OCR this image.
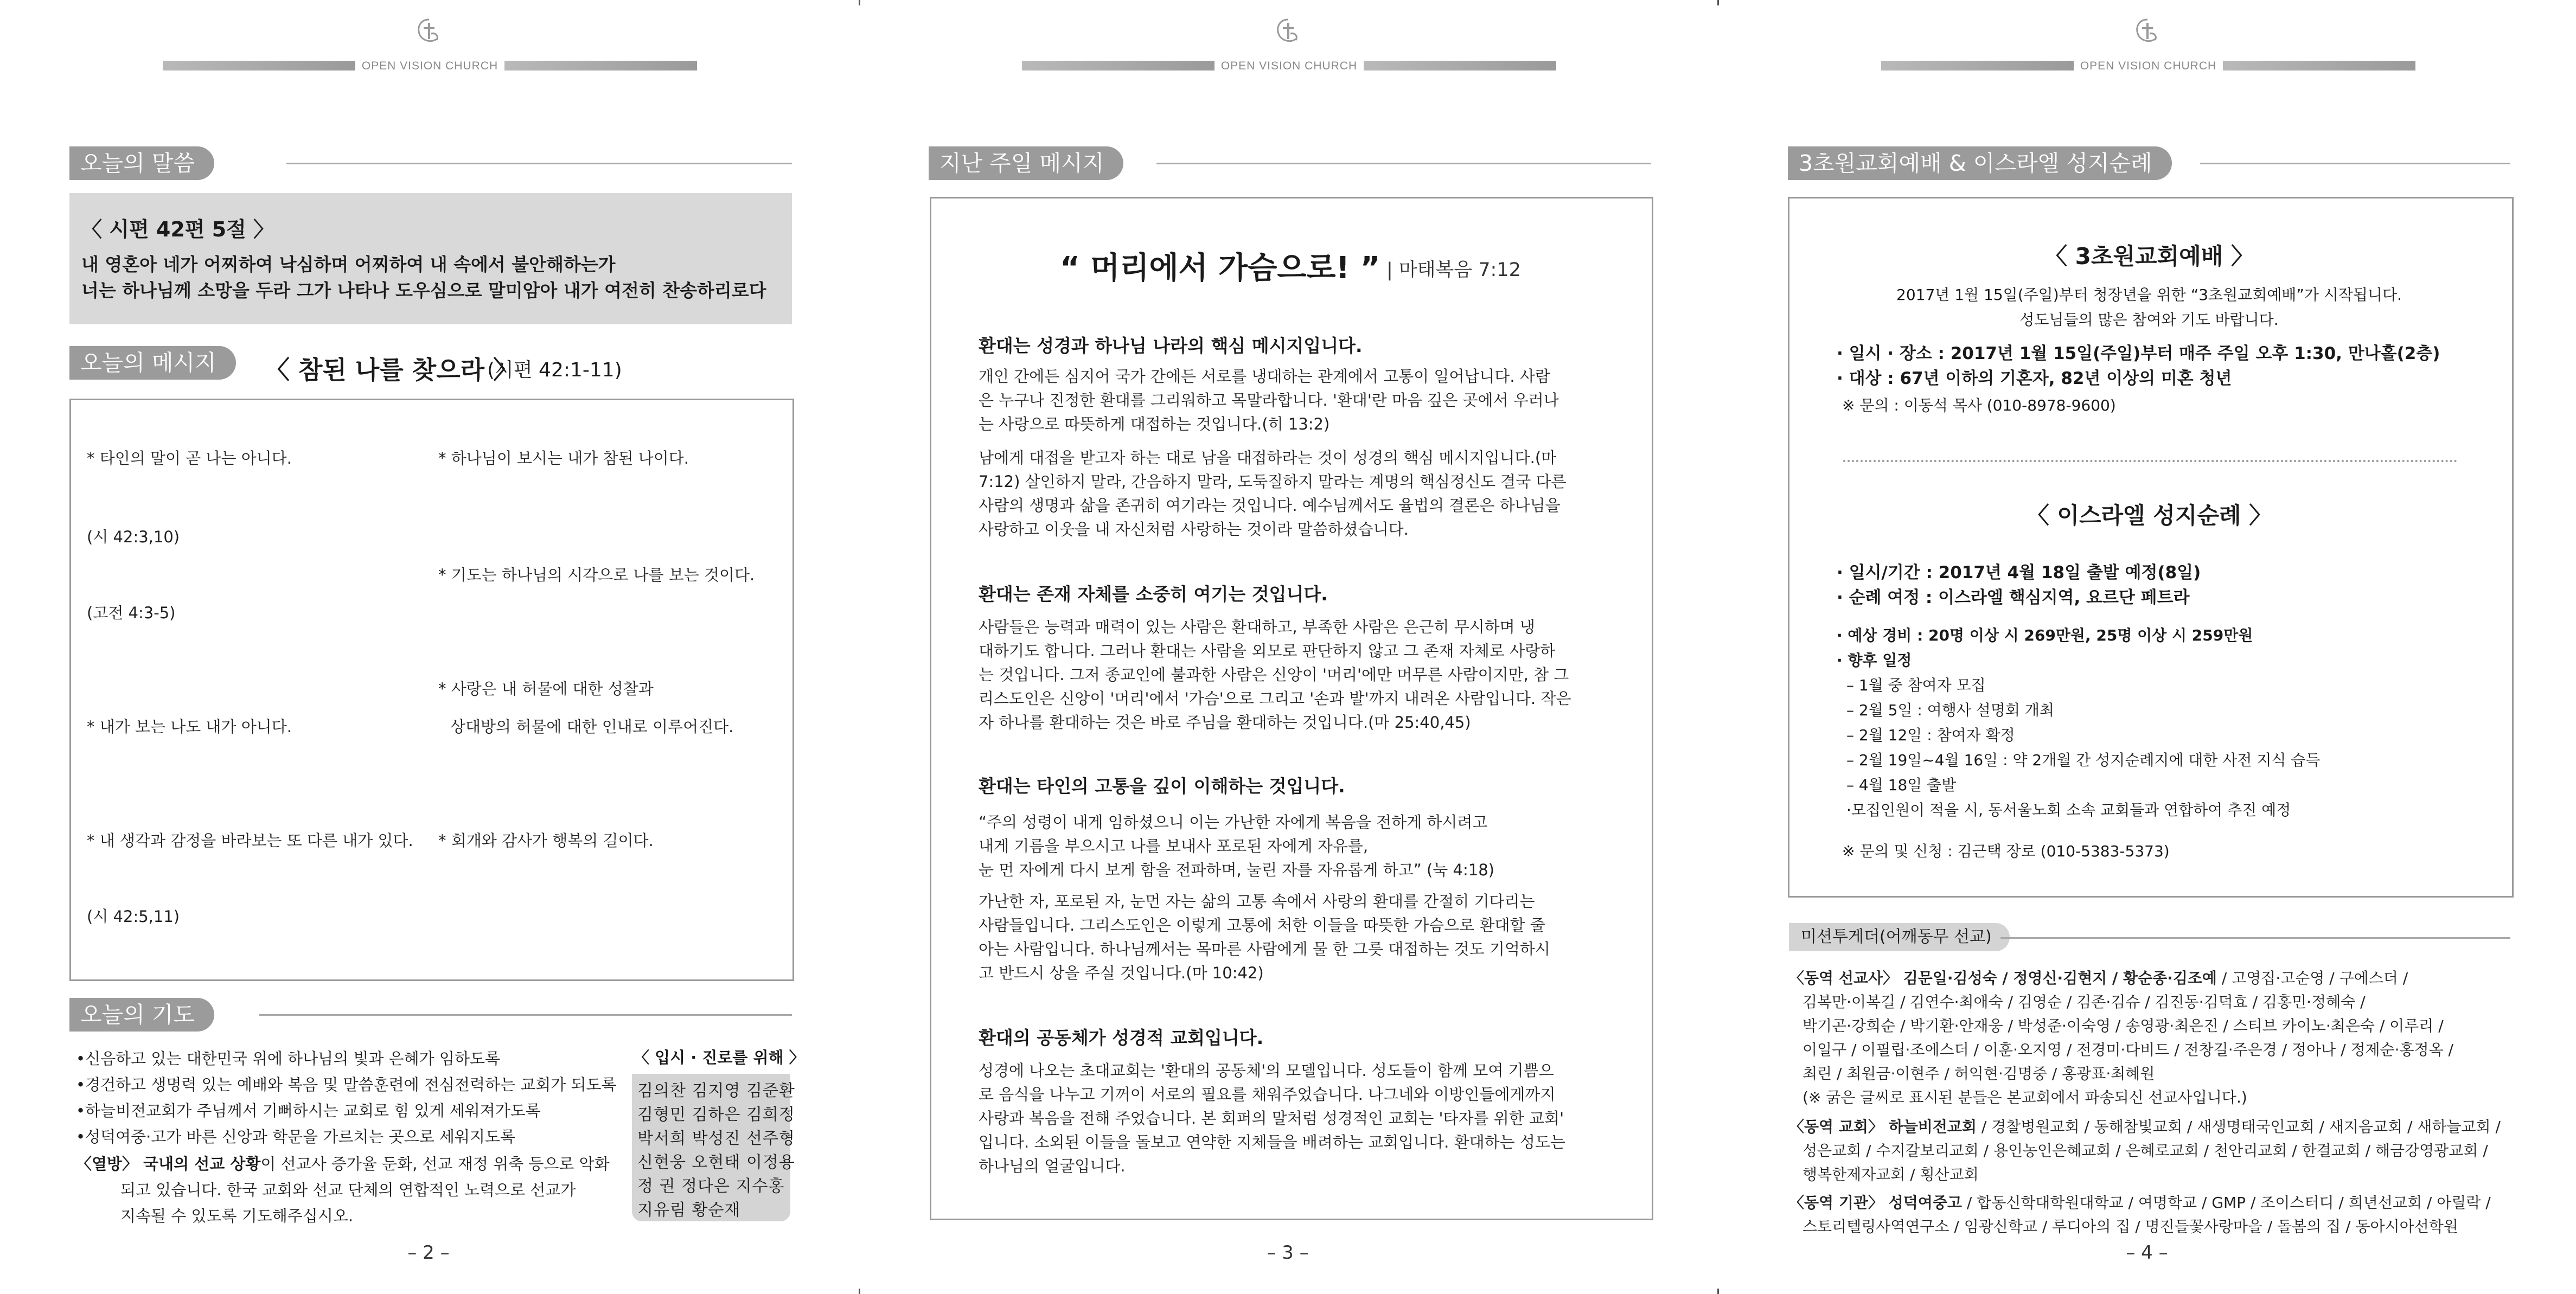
OPEN VISION CHURCH
오늘의 말씀
〈 시편 42편 5절 〉
내 영혼아 네가 어찌하여 낙심하며 어찌하여 내 속에서 불안해하는가
너는 하나님께 소망을 두라 그가 나타나 도우심으로 말미암아 내가 여전히 찬송하리로다
오늘의 메시지	〈 참된 나를 찾으라 〉
(시편 42:1-11)
* 타인의 말이 곧 나는 아니다.
(시 42:3,10)
(고전 4:3-5)
* 내가 보는 나도 내가 아니다.
* 내 생각과 감정을 바라보는 또 다른 내가 있다.
(시 42:5,11)
* 하나님이 보시는 내가 참된 나이다.
* 기도는 하나님의 시각으로 나를 보는 것이다.
* 사랑은 내 허물에 대한 성찰과
상대방의 허물에 대한 인내로 이루어진다.
* 회개와 감사가 행복의 길이다.
오늘의 기도
•신음하고 있는 대한민국 위에 하나님의 빛과 은혜가 임하도록
•경건하고 생명력 있는 예배와 복음 및 말씀훈련에 전심전력하는 교회가 되도록
•하늘비전교회가 주님께서 기뻐하시는 교회로 힘 있게 세워져가도록
•성덕여중·고가 바른 신앙과 학문을 가르치는 곳으로 세워지도록
〈열방〉 국내의 선교 상황이 선교사 증가율 둔화, 선교 재정 위축 등으로 악화
되고 있습니다. 한국 교회와 선교 단체의 연합적인 노력으로 선교가
지속될 수 있도록 기도해주십시오.
〈 입시 · 진로를 위해 〉
김의찬 김지영 김준환
김형민 김하은 김희정
박서희 박성진 선주형
신현웅 오현태 이정용
정 권 정다은 지수홍
지유림 황순재
– 2 –
OPEN VISION CHURCH
지난 주일 메시지
“ 머리에서 가슴으로! ” | 마태복음 7:12
환대는 성경과 하나님 나라의 핵심 메시지입니다.
개인 간에든 심지어 국가 간에든 서로를 냉대하는 관계에서 고통이 일어납니다. 사람
은 누구나 진정한 환대를 그리워하고 목말라합니다. '환대'란 마음 깊은 곳에서 우러나
는 사랑으로 따뜻하게 대접하는 것입니다.(히 13:2)
남에게 대접을 받고자 하는 대로 남을 대접하라는 것이 성경의 핵심 메시지입니다.(마
7:12) 살인하지 말라, 간음하지 말라, 도둑질하지 말라는 계명의 핵심정신도 결국 다른
사람의 생명과 삶을 존귀히 여기라는 것입니다. 예수님께서도 율법의 결론은 하나님을
사랑하고 이웃을 내 자신처럼 사랑하는 것이라 말씀하셨습니다.
환대는 존재 자체를 소중히 여기는 것입니다.
사람들은 능력과 매력이 있는 사람은 환대하고, 부족한 사람은 은근히 무시하며 냉
대하기도 합니다. 그러나 환대는 사람을 외모로 판단하지 않고 그 존재 자체로 사랑하
는 것입니다. 그저 종교인에 불과한 사람은 신앙이 '머리'에만 머무른 사람이지만, 참 그
리스도인은 신앙이 '머리'에서 '가슴'으로 그리고 '손과 발'까지 내려온 사람입니다. 작은
자 하나를 환대하는 것은 바로 주님을 환대하는 것입니다.(마 25:40,45)
환대는 타인의 고통을 깊이 이해하는 것입니다.
“주의 성령이 내게 임하셨으니 이는 가난한 자에게 복음을 전하게 하시려고
내게 기름을 부으시고 나를 보내사 포로된 자에게 자유를,
눈 먼 자에게 다시 보게 함을 전파하며, 눌린 자를 자유롭게 하고” (눅 4:18)
가난한 자, 포로된 자, 눈먼 자는 삶의 고통 속에서 사랑의 환대를 간절히 기다리는
사람들입니다. 그리스도인은 이렇게 고통에 처한 이들을 따뜻한 가슴으로 환대할 줄
아는 사람입니다. 하나님께서는 목마른 사람에게 물 한 그릇 대접하는 것도 기억하시
고 반드시 상을 주실 것입니다.(마 10:42)
환대의 공동체가 성경적 교회입니다.
성경에 나오는 초대교회는 '환대의 공동체'의 모델입니다. 성도들이 함께 모여 기쁨으
로 음식을 나누고 기꺼이 서로의 필요를 채워주었습니다. 나그네와 이방인들에게까지
사랑과 복음을 전해 주었습니다. 본 회퍼의 말처럼 성경적인 교회는 '타자를 위한 교회'
입니다. 소외된 이들을 돌보고 연약한 지체들을 배려하는 교회입니다. 환대하는 성도는
하나님의 얼굴입니다.
– 3 –
OPEN VISION CHURCH
3초원교회예배 & 이스라엘 성지순례
〈 3초원교회예배 〉
2017년 1월 15일(주일)부터 청장년을 위한 “3초원교회예배”가 시작됩니다.
성도님들의 많은 참여와 기도 바랍니다.
· 일시 · 장소 : 2017년 1월 15일(주일)부터 매주 주일 오후 1:30, 만나홀(2층)
· 대상 : 67년 이하의 기혼자, 82년 이상의 미혼 청년
※ 문의 : 이동석 목사 (010-8978-9600)
〈 이스라엘 성지순례 〉
· 일시/기간 : 2017년 4월 18일 출발 예정(8일)
· 순례 여정 : 이스라엘 핵심지역, 요르단 페트라
· 예상 경비 : 20명 이상 시 269만원, 25명 이상 시 259만원
· 향후 일정
– 1월 중 참여자 모집
– 2월 5일 : 여행사 설명회 개최
– 2월 12일 : 참여자 확정
– 2월 19일~4월 16일 : 약 2개월 간 성지순례지에 대한 사전 지식 습득
– 4월 18일 출발
·모집인원이 적을 시, 동서울노회 소속 교회들과 연합하여 추진 예정
※ 문의 및 신청 : 김근택 장로 (010-5383-5373)
미션투게더(어깨동무 선교)
〈동역 선교사〉 김문일·김성숙 / 정영신·김현지 / 황순종·김조예 / 고영집·고순영 / 구에스더 /
김복만·이복길 / 김연수·최애숙 / 김영순 / 김존·김슈 / 김진동·김덕효 / 김홍민·정혜숙 /
박기곤·강희순 / 박기환·안재웅 / 박성준·이숙영 / 송영광·최은진 / 스티브 카이노·최은숙 / 이루리 /
이일구 / 이필립·조에스더 / 이훈·오지영 / 전경미·다비드 / 전창길·주은경 / 정아나 / 정제순·홍정옥 /
최린 / 최원금·이현주 / 허익현·김명중 / 홍광표·최혜원
(※ 굵은 글씨로 표시된 분들은 본교회에서 파송되신 선교사입니다.)
〈동역 교회〉 하늘비전교회 / 경찰병원교회 / 동해참빛교회 / 새생명태국인교회 / 새지음교회 / 새하늘교회 /
성은교회 / 수지갈보리교회 / 용인농인은혜교회 / 은혜로교회 / 천안리교회 / 한결교회 / 해금강영광교회 /
행복한제자교회 / 횡산교회
〈동역 기관〉 성덕여중고 / 합동신학대학원대학교 / 여명학교 / GMP / 조이스터디 / 희년선교회 / 아릴락 /
스토리텔링사역연구소 / 임광신학교 / 루디아의 집 / 명진들꽃사랑마을 / 돌봄의 집 / 동아시아선학원
– 4 –
